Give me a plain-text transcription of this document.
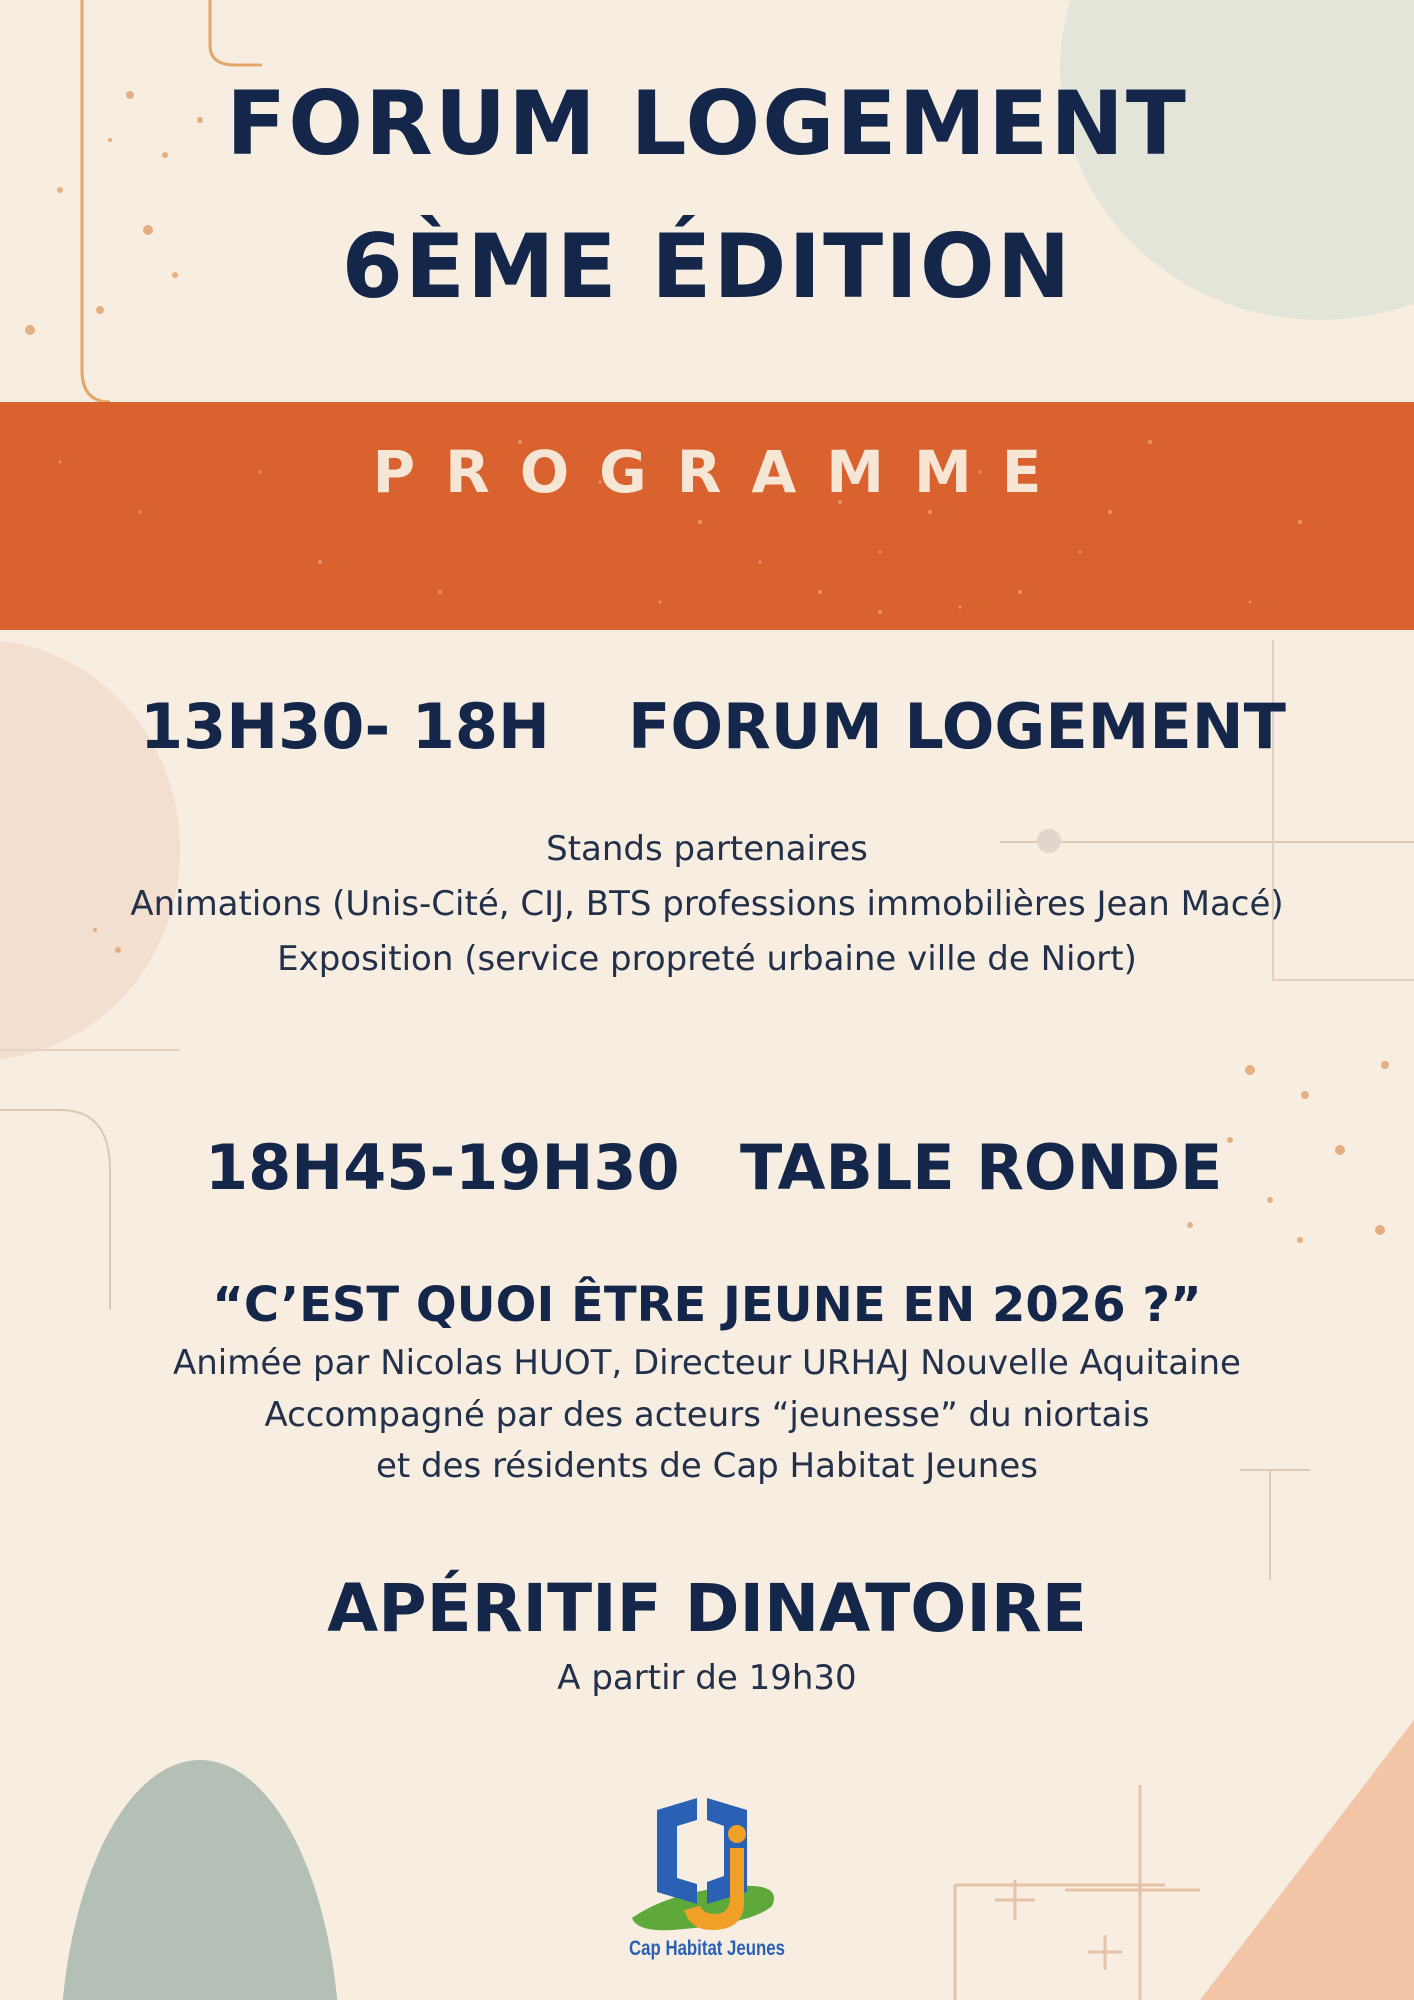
FORUM LOGEMENT
6ÈME ÉDITION

PROGRAMME

13H30- 18H FORUM LOGEMENT
Stands partenaires
Animations (Unis-Cité, CIJ, BTS professions immobilières Jean Macé)
Exposition (service propreté urbaine ville de Niort)
18H45-19H30 TABLE RONDE
“C’EST QUOI ÊTRE JEUNE EN 2026 ?”
Animée par Nicolas HUOT, Directeur URHAJ Nouvelle Aquitaine
Accompagné par des acteurs “jeunesse” du niortais
et des résidents de Cap Habitat Jeunes
APÉRITIF DINATOIRE
A partir de 19h30
Cap Habitat Jeunes
